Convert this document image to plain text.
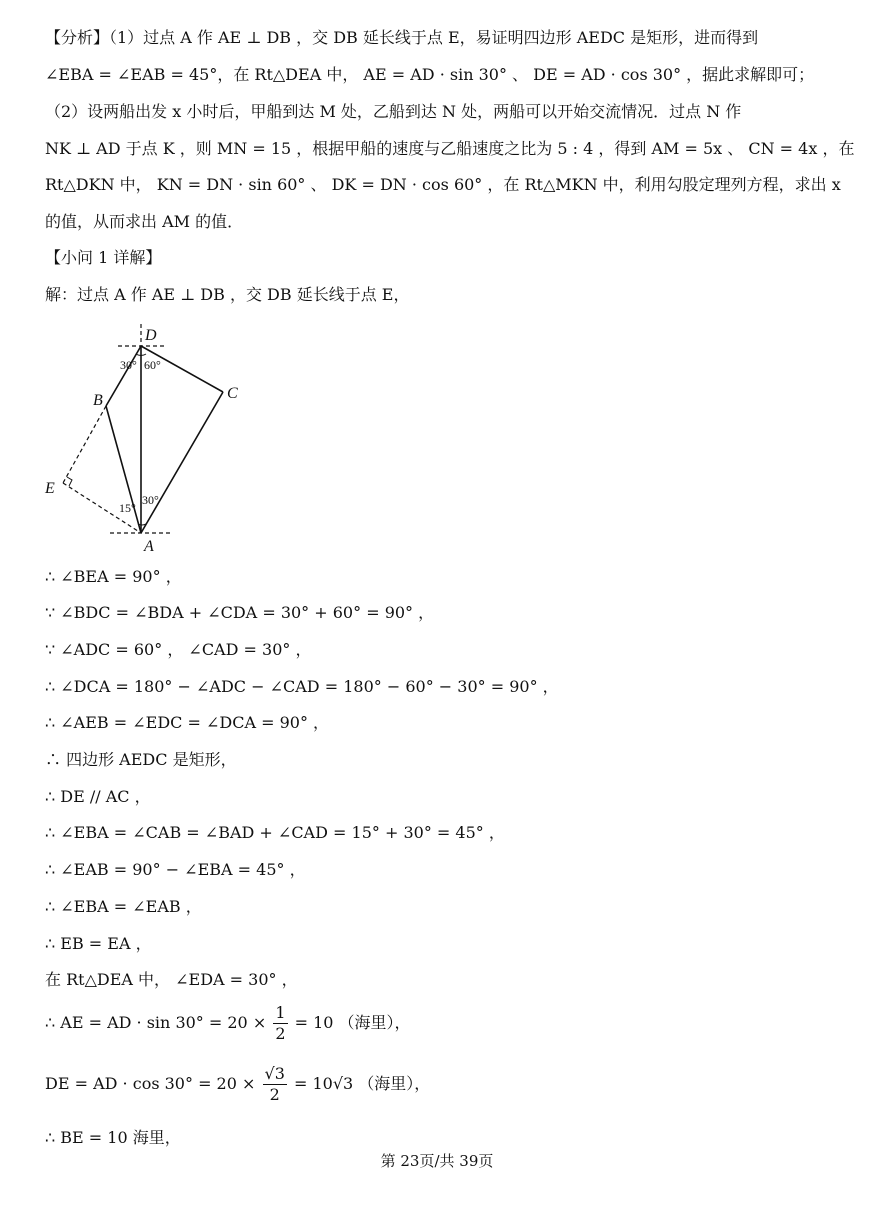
【分析】（1）过点 A 作 AE ⊥ DB ，交 DB 延长线于点 E，易证明四边形 AEDC 是矩形，进而得到
∠EBA = ∠EAB = 45°，在 Rt△DEA 中， AE = AD · sin 30° 、 DE = AD · cos 30° ，据此求解即可；
（2）设两船出发 x 小时后，甲船到达 M 处，乙船到达 N 处，两船可以开始交流情况．过点 N 作
NK ⊥ AD 于点 K ，则 MN = 15 ，根据甲船的速度与乙船速度之比为 5 : 4 ，得到 AM = 5x 、 CN = 4x ，在
Rt△DKN 中， KN = DN · sin 60° 、 DK = DN · cos 60° ，在 Rt△MKN 中，利用勾股定理列方程，求出 x
的值，从而求出 AM 的值．
【小问 1 详解】
解：过点 A 作 AE ⊥ DB ，交 DB 延长线于点 E，
D
B	C
E
A
30° 60°
15°
30°
∴ ∠BEA = 90° ，
∵ ∠BDC = ∠BDA + ∠CDA = 30° + 60° = 90° ，
∵ ∠ADC = 60° ， ∠CAD = 30° ，
∴ ∠DCA = 180° − ∠ADC − ∠CAD = 180° − 60° − 30° = 90° ，
∴ ∠AEB = ∠EDC = ∠DCA = 90° ，
∴ 四边形 AEDC 是矩形，
∴ DE // AC ，
∴ ∠EBA = ∠CAB = ∠BAD + ∠CAD = 15° + 30° = 45° ，
∴ ∠EAB = 90° − ∠EBA = 45° ，
∴ ∠EBA = ∠EAB ，
∴ EB = EA ，
在 Rt△DEA 中， ∠EDA = 30° ，
∴ AE = AD · $\sin 30^\circ = 20 \times \frac{1}{2} = 10$ （海里），
DE = AD · $\cos 30^\circ = 20 \times \frac{√3}{2} = 10√3$ （海里），
∴ BE = 10 海里，
第 23页/共 39页
